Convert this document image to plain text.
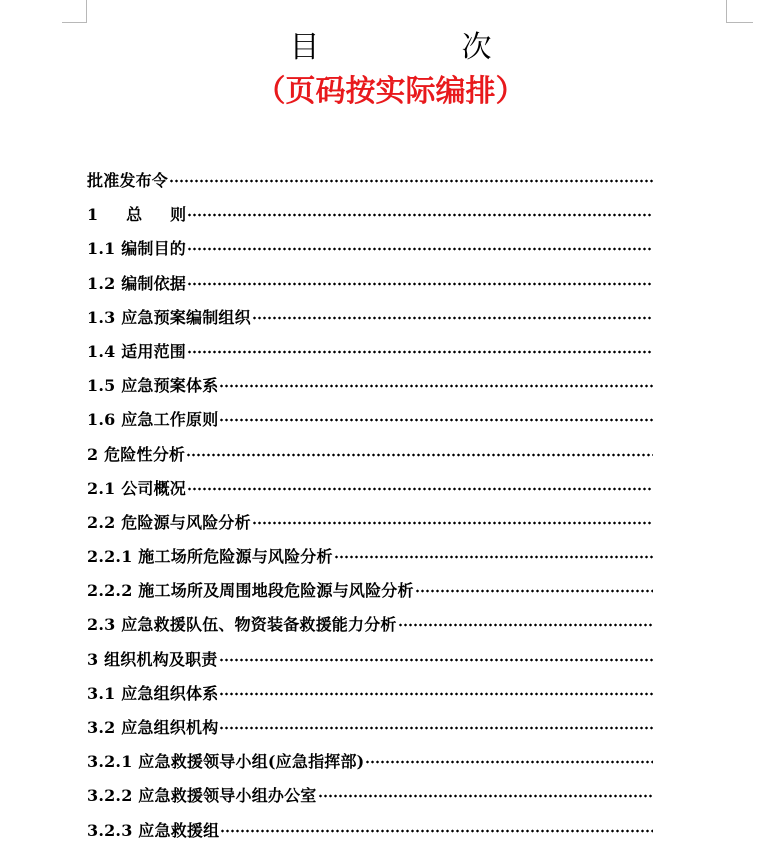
目	次
（页码按实际编排）
批准发布令
1 总 则
1.1 编制目的
1.2 编制依据
1.3 应急预案编制组织
1.4 适用范围
1.5 应急预案体系
1.6 应急工作原则
2 危险性分析
2.1 公司概况
2.2 危险源与风险分析
2.2.1 施工场所危险源与风险分析
2.2.2 施工场所及周围地段危险源与风险分析
2.3 应急救援队伍、物资装备救援能力分析
3 组织机构及职责
3.1 应急组织体系
3.2 应急组织机构
3.2.1 应急救援领导小组(应急指挥部)
3.2.2 应急救援领导小组办公室
3.2.3 应急救援组
